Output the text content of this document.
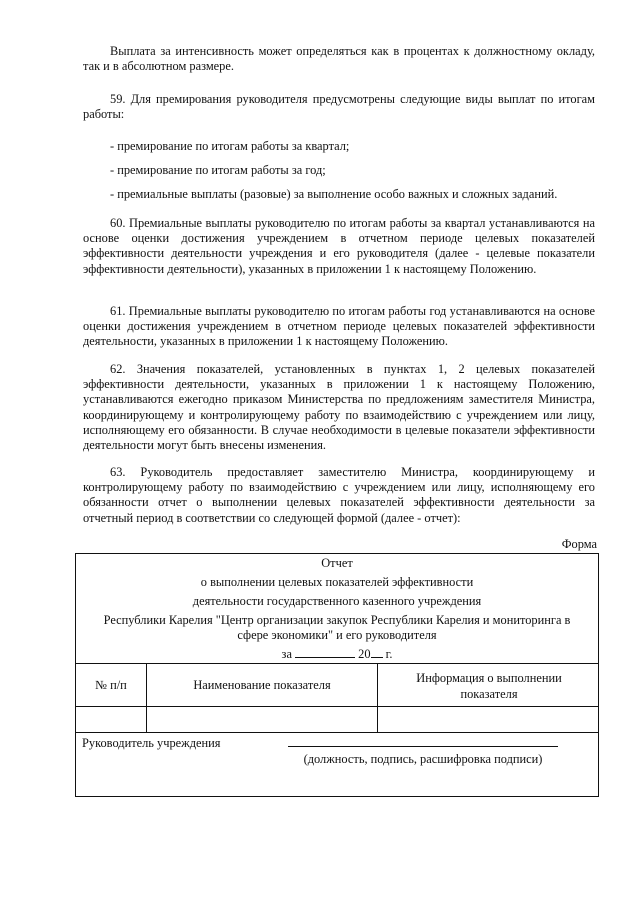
Выплата за интенсивность может определяться как в процентах к должностному окладу, так и в абсолютном размере.

59. Для премирования руководителя предусмотрены следующие виды выплат по итогам работы:

- премирование по итогам работы за квартал;

- премирование по итогам работы за год;

- премиальные выплаты (разовые) за выполнение особо важных и сложных заданий.

60. Премиальные выплаты руководителю по итогам работы за квартал устанавливаются на основе оценки достижения учреждением в отчетном периоде целевых показателей эффективности деятельности учреждения и его руководителя (далее - целевые показатели эффективности деятельности), указанных в приложении 1 к настоящему Положению.

61. Премиальные выплаты руководителю по итогам работы год устанавливаются на основе оценки достижения учреждением в отчетном периоде целевых показателей эффективности деятельности, указанных в приложении 1 к настоящему Положению.

62. Значения показателей, установленных в пунктах 1, 2 целевых показателей эффективности деятельности, указанных в приложении 1 к настоящему Положению, устанавливаются ежегодно приказом Министерства по предложениям заместителя Министра, координирующему и контролирующему работу по взаимодействию с учреждением или лицу, исполняющему его обязанности. В случае необходимости в целевые показатели эффективности деятельности могут быть внесены изменения.

63. Руководитель предоставляет заместителю Министра, координирующему и контролирующему работу по взаимодействию с учреждением или лицу, исполняющему его обязанности отчет о выполнении целевых показателей эффективности деятельности за отчетный период в соответствии со следующей формой (далее - отчет):

Форма
Отчет
о выполнении целевых показателей эффективности
деятельности государственного казенного учреждения
Республики Карелия "Центр организации закупок Республики Карелия и мониторинга в
сфере экономики" и его руководителя
за	20 г.
№ п/п	Наименование показателя	Информация о выполнении
показателя
Руководитель учреждения
(должность, подпись, расшифровка подписи)
